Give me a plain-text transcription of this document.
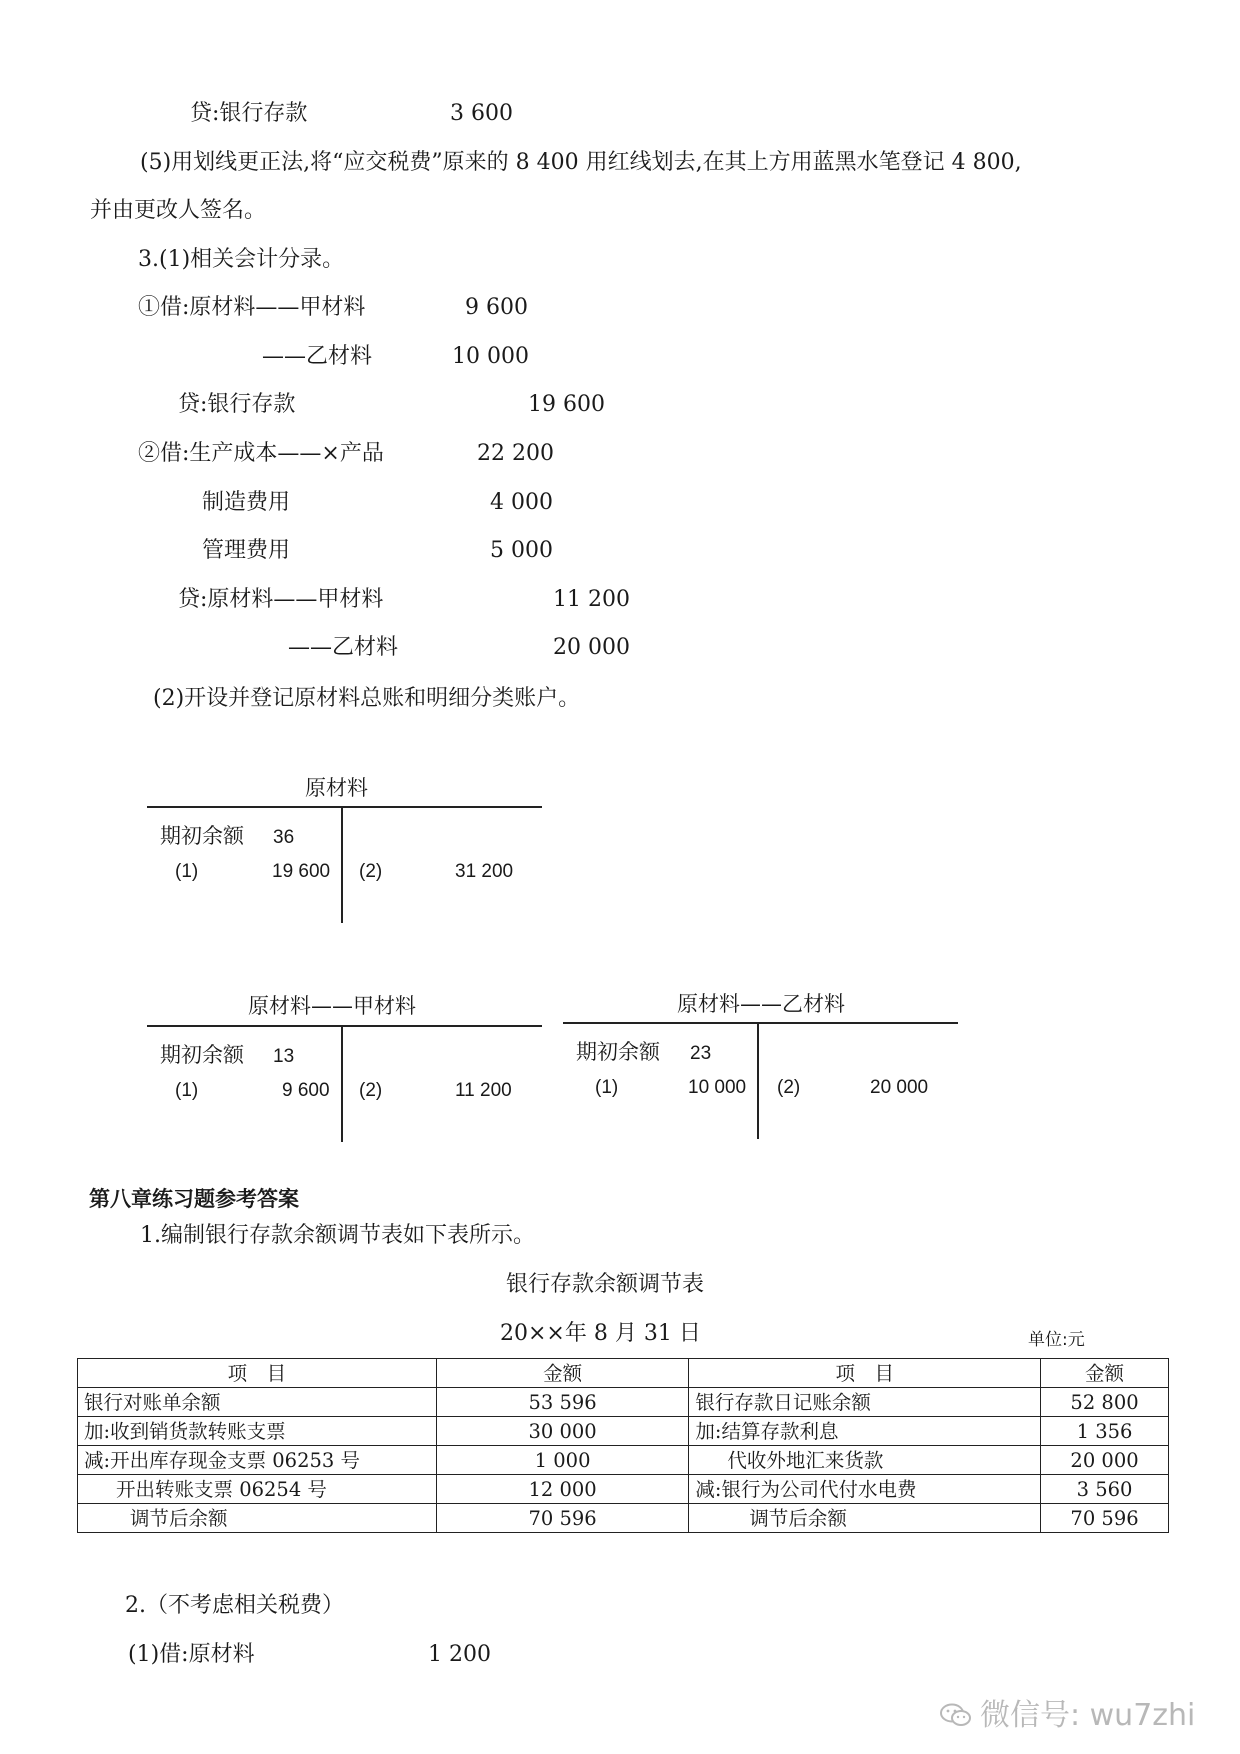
贷:银行存款	3 600
(5)用划线更正法,将“应交税费”原来的 8 400 用红线划去,在其上方用蓝黑水笔登记 4 800,
并由更改人签名。
3.(1)相关会计分录。
①借:原材料——甲材料	9 600
——乙材料	10 000
贷:银行存款	19 600
②借:生产成本——×产品	22 200
制造费用	4 000
管理费用	5 000
贷:原材料——甲材料	11 200
——乙材料	20 000
(2)开设并登记原材料总账和明细分类账户。
原材料
期初余额 36
(1)	19 600 (2)	31 200
原材料——甲材料
期初余额 13
(1)	9 600 (2)	11 200
原材料——乙材料
期初余额 23
(1)	10 000 (2)	20 000
第八章练习题参考答案
1.编制银行存款余额调节表如下表所示。
银行存款余额调节表
20××年 8 月 31 日	单位:元
项　目	金额	项　目	金额
银行对账单余额	53 596	银行存款日记账余额	52 800
加:收到销货款转账支票	30 000	加:结算存款利息	1 356
减:开出库存现金支票 06253 号	1 000	代收外地汇来货款	20 000
开出转账支票 06254 号	12 000	减:银行为公司代付水电费	3 560
调节后余额	70 596	调节后余额	70 596
2.（不考虑相关税费）
(1)借:原材料	1 200
微信号: wu7zhi
